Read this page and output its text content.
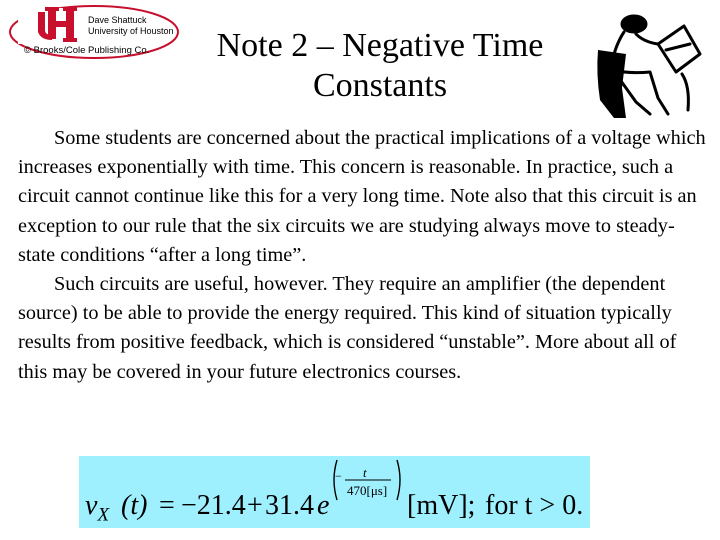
Dave Shattuck
University of Houston
© Brooks/Cole Publishing Co.	Note 2 – Negative Time
Constants

Some students are concerned about the practical implications of a voltage which increases exponentially with time. This concern is reasonable. In practice, such a circuit cannot continue like this for a very long time. Note also that this circuit is an exception to our rule that the six circuits we are studying always move to steady-state conditions “after a long time”.

Such circuits are useful, however. They require an amplifier (the dependent source) to be able to provide the energy required. This kind of situation typically results from positive feedback, which is considered “unstable”. More about all of this may be covered in your future electronics courses.

$v_X$ (t) = −21.4 + 31.4 e
− t
470[μs] [mV]; for t > 0.
